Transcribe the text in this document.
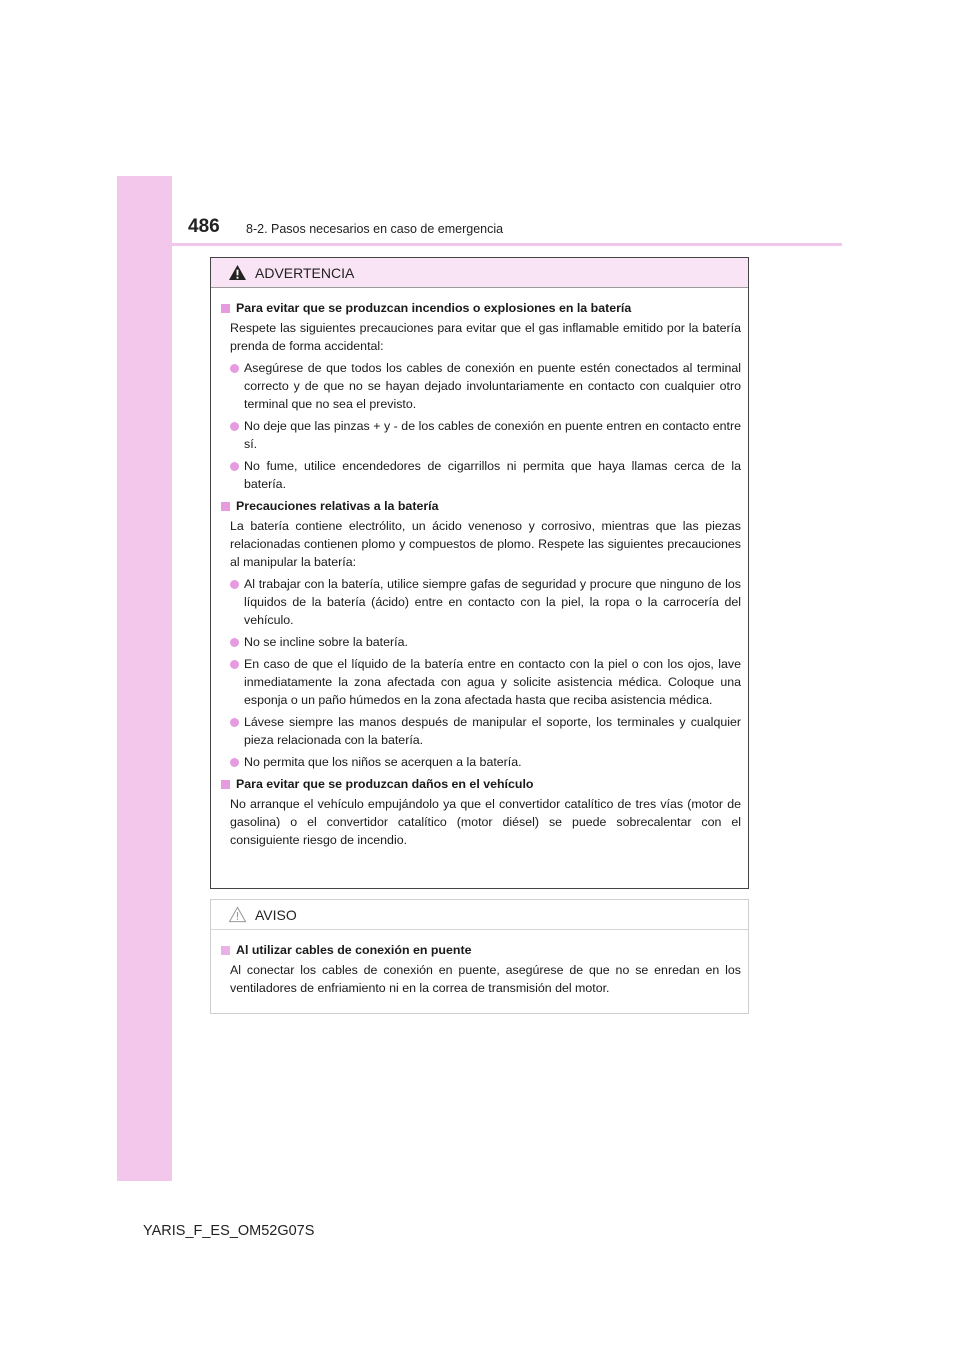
486 8-2. Pasos necesarios en caso de emergencia
ADVERTENCIA
Para evitar que se produzcan incendios o explosiones en la batería
Respete las siguientes precauciones para evitar que el gas inflamable emitido por la batería prenda de forma accidental:
Asegúrese de que todos los cables de conexión en puente estén conectados al terminal correcto y de que no se hayan dejado involuntariamente en contacto con cualquier otro terminal que no sea el previsto.
No deje que las pinzas + y - de los cables de conexión en puente entren en contacto entre sí.
No fume, utilice encendedores de cigarrillos ni permita que haya llamas cerca de la batería.
Precauciones relativas a la batería
La batería contiene electrólito, un ácido venenoso y corrosivo, mientras que las piezas relacionadas contienen plomo y compuestos de plomo. Respete las siguientes precauciones al manipular la batería:
Al trabajar con la batería, utilice siempre gafas de seguridad y procure que ninguno de los líquidos de la batería (ácido) entre en contacto con la piel, la ropa o la carrocería del vehículo.
No se incline sobre la batería.
En caso de que el líquido de la batería entre en contacto con la piel o con los ojos, lave inmediatamente la zona afectada con agua y solicite asistencia médica. Coloque una esponja o un paño húmedos en la zona afectada hasta que reciba asistencia médica.
Lávese siempre las manos después de manipular el soporte, los terminales y cualquier pieza relacionada con la batería.
No permita que los niños se acerquen a la batería.
Para evitar que se produzcan daños en el vehículo
No arranque el vehículo empujándolo ya que el convertidor catalítico de tres vías (motor de gasolina) o el convertidor catalítico (motor diésel) se puede sobrecalentar con el consiguiente riesgo de incendio.
AVISO
Al utilizar cables de conexión en puente
Al conectar los cables de conexión en puente, asegúrese de que no se enredan en los ventiladores de enfriamiento ni en la correa de transmisión del motor.
YARIS_F_ES_OM52G07S
